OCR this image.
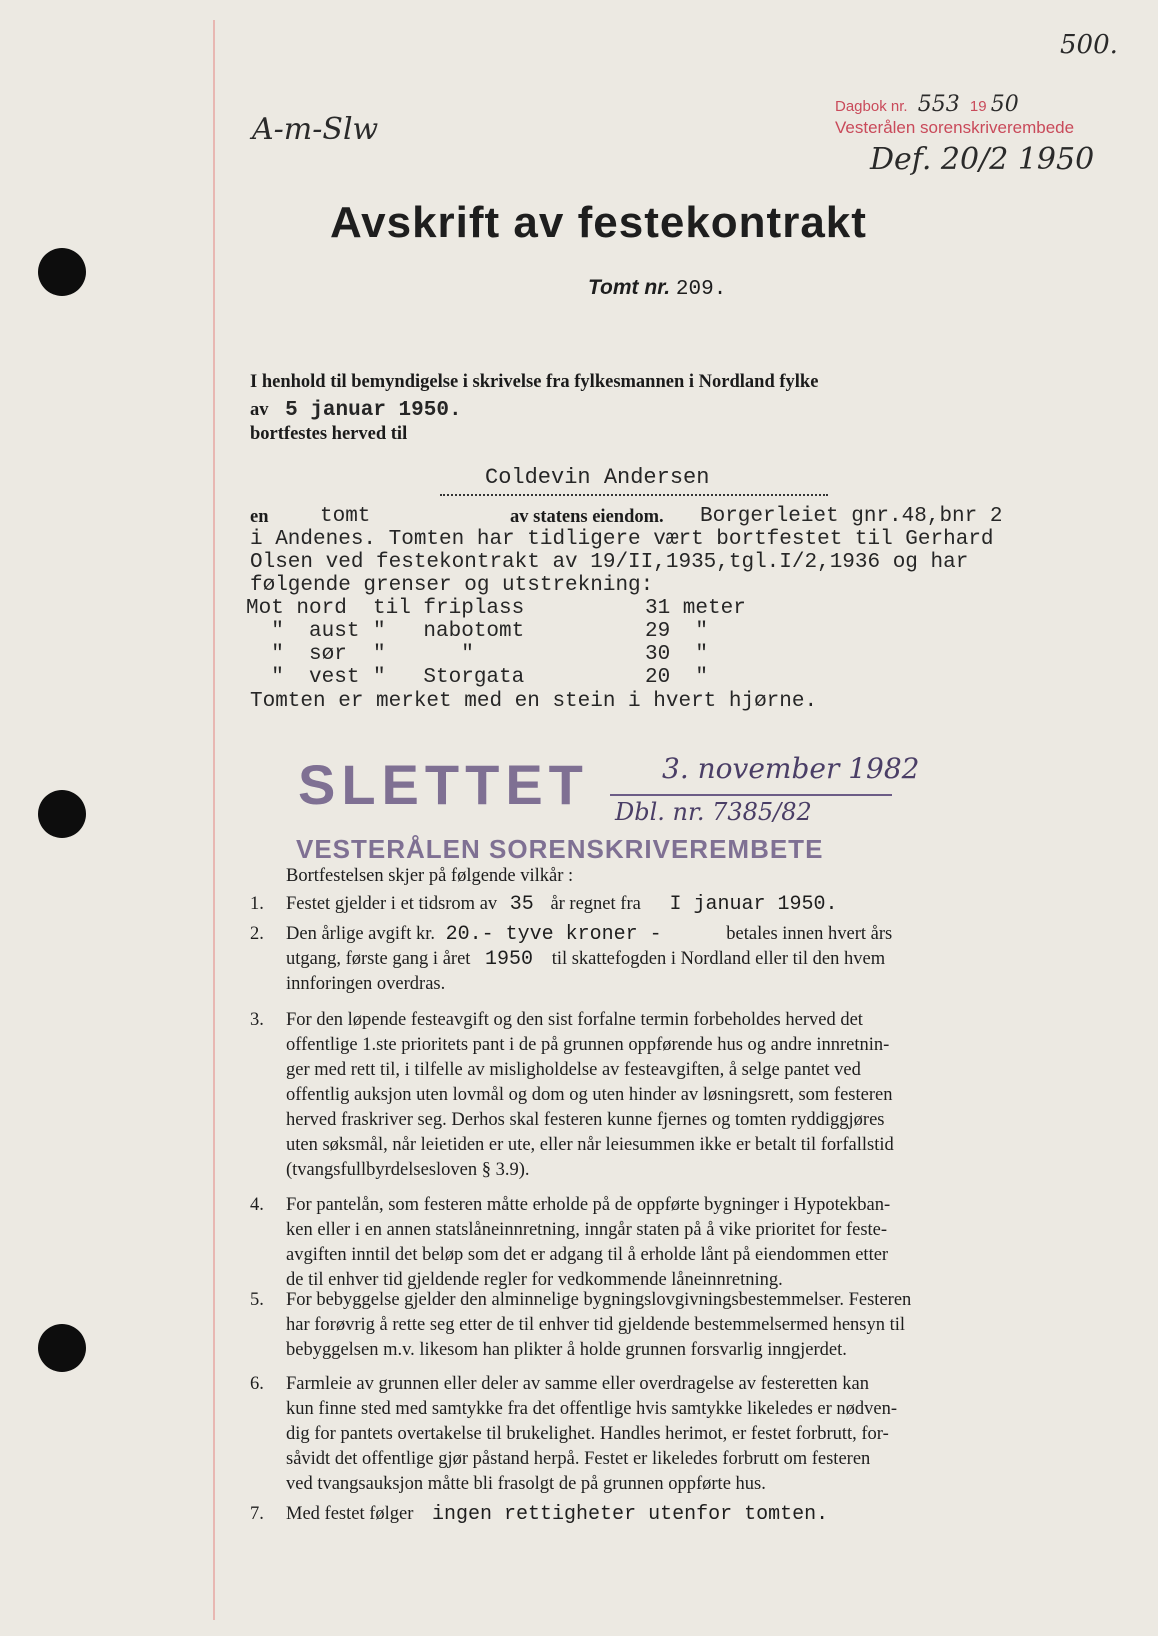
500.
A-m-Slw
Dagbok nr. 553 19 50
Vesterålen sorenskriverembede
Def. 20/2 1950
Avskrift av festekontrakt
Tomt nr. 209.
I henhold til bemyndigelse i skrivelse fra fylkesmannen i Nordland fylke
av 5 januar 1950.
bortfestes herved til
Coldevin Andersen
en tomt	av statens eiendom. Borgerleiet gnr.48,bnr 2
i Andenes. Tomten har tidligere vært bortfestet til Gerhard
Olsen ved festekontrakt av 19/II,1935,tgl.I/2,1936 og har
følgende grenser og utstrekning:
Mot nord til friplass	31 meter
"  aust "   nabotomt	29  "
"  sør "      "	30  "
"  vest "   Storgata	20  "
Tomten er merket med en stein i hvert hjørne.
SLETTET	3. november 1982
Dbl. nr. 7385/82
VESTERÅLEN SORENSKRIVEREMBETE
Bortfestelsen skjer på følgende vilkår :
1. Festet gjelder i et tidsrom av 35 år regnet fra I januar 1950.
2. Den årlige avgift kr. 20.- tyve kroner -	betales innen hvert års
utgang, første gang i året 1950 til skattefogden i Nordland eller til den hvem
innforingen overdras.
3. For den løpende festeavgift og den sist forfalne termin forbeholdes herved det
offentlige 1.ste prioritets pant i de på grunnen oppførende hus og andre innretnin-
ger med rett til, i tilfelle av misligholdelse av festeavgiften, å selge pantet ved
offentlig auksjon uten lovmål og dom og uten hinder av løsningsrett, som festeren
herved fraskriver seg. Derhos skal festeren kunne fjernes og tomten ryddiggjøres
uten søksmål, når leietiden er ute, eller når leiesummen ikke er betalt til forfallstid
(tvangsfullbyrdelsesloven § 3.9).
4. For pantelån, som festeren måtte erholde på de oppførte bygninger i Hypotekban-
ken eller i en annen statslåneinnretning, inngår staten på å vike prioritet for feste-
avgiften inntil det beløp som det er adgang til å erholde lånt på eiendommen etter
de til enhver tid gjeldende regler for vedkommende låneinnretning.
5. For bebyggelse gjelder den alminnelige bygningslovgivningsbestemmelser. Festeren
har forøvrig å rette seg etter de til enhver tid gjeldende bestemmelsermed hensyn til
bebyggelsen m.v. likesom han plikter å holde grunnen forsvarlig inngjerdet.
6. Farmleie av grunnen eller deler av samme eller overdragelse av festeretten kan
kun finne sted med samtykke fra det offentlige hvis samtykke likeledes er nødven-
dig for pantets overtakelse til brukelighet. Handles herimot, er festet forbrutt, for-
såvidt det offentlige gjør påstand herpå. Festet er likeledes forbrutt om festeren
ved tvangsauksjon måtte bli frasolgt de på grunnen oppførte hus.
7. Med festet følger ingen rettigheter utenfor tomten.
